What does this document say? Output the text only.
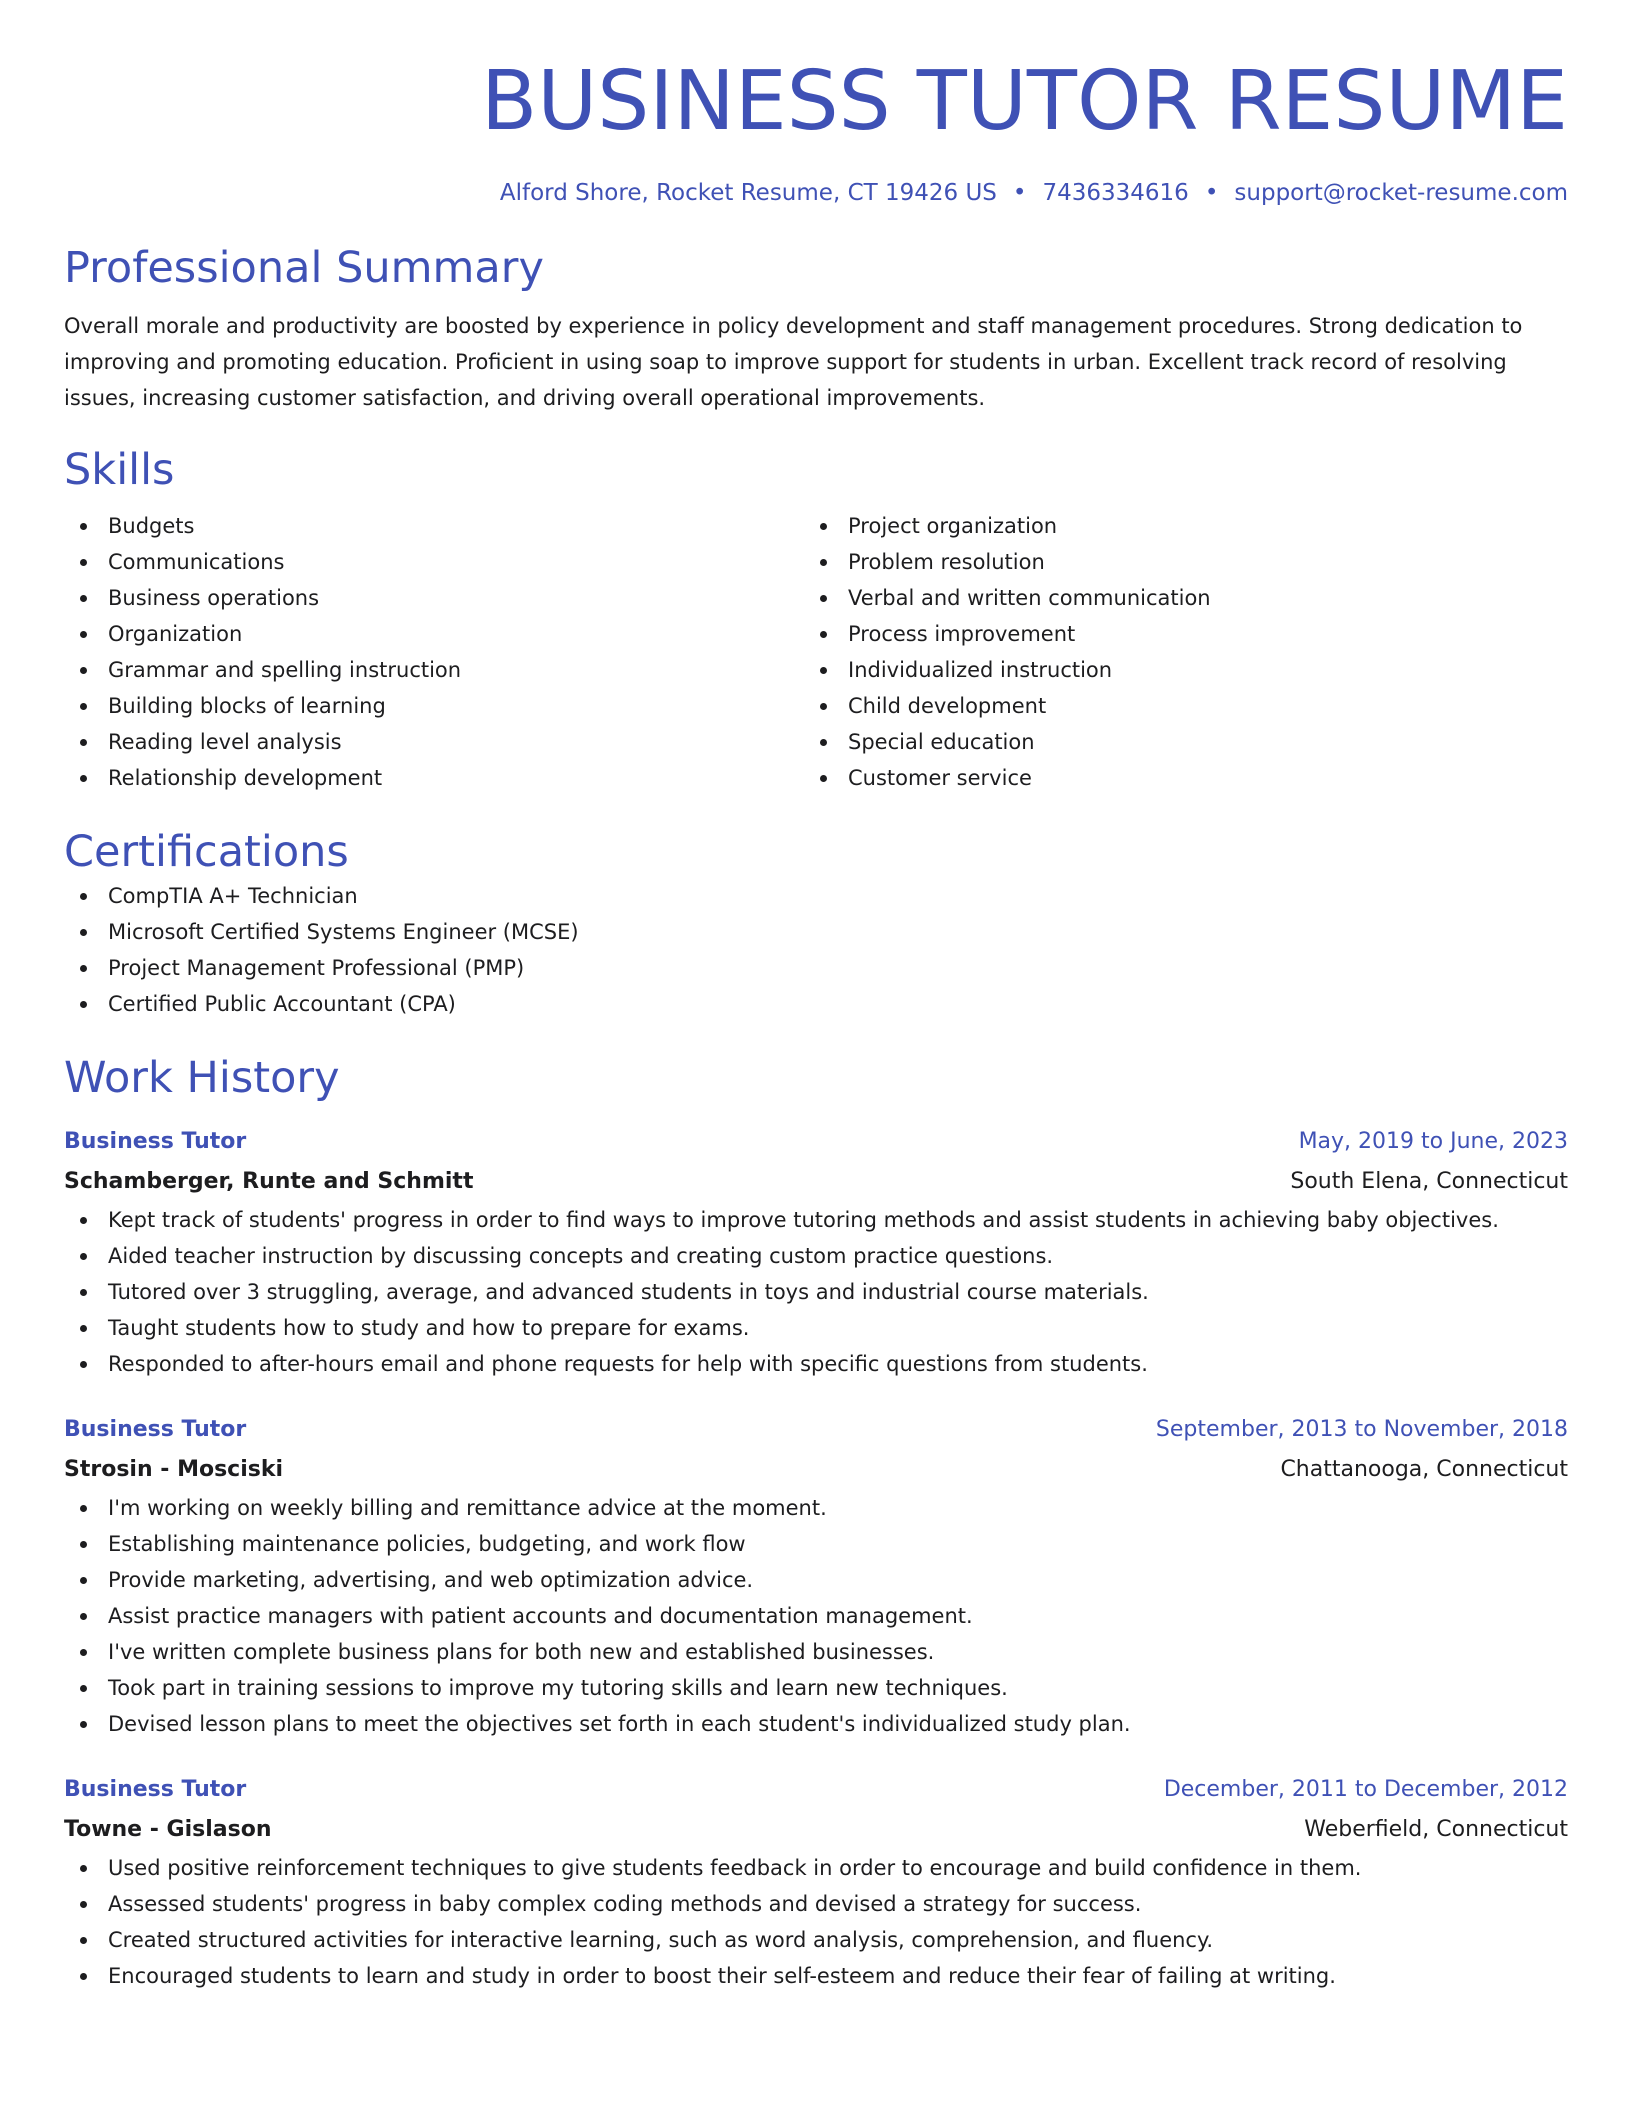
BUSINESS TUTOR RESUME
Alford Shore, Rocket Resume, CT 19426 US • 7436334616 • support@rocket-resume.com
Professional Summary
Overall morale and productivity are boosted by experience in policy development and staff management procedures. Strong dedication to improving and promoting education. Proficient in using soap to improve support for students in urban. Excellent track record of resolving issues, increasing customer satisfaction, and driving overall operational improvements.
Skills
Budgets
Communications
Business operations
Organization
Grammar and spelling instruction
Building blocks of learning
Reading level analysis
Relationship development
Project organization
Problem resolution
Verbal and written communication
Process improvement
Individualized instruction
Child development
Special education
Customer service
Certifications
CompTIA A+ Technician
Microsoft Certified Systems Engineer (MCSE)
Project Management Professional (PMP)
Certified Public Accountant (CPA)
Work History
Business Tutor	May, 2019 to June, 2023
Schamberger, Runte and Schmitt	South Elena, Connecticut
Kept track of students' progress in order to find ways to improve tutoring methods and assist students in achieving baby objectives.
Aided teacher instruction by discussing concepts and creating custom practice questions.
Tutored over 3 struggling, average, and advanced students in toys and industrial course materials.
Taught students how to study and how to prepare for exams.
Responded to after-hours email and phone requests for help with specific questions from students.
Business Tutor	September, 2013 to November, 2018
Strosin - Mosciski	Chattanooga, Connecticut
I'm working on weekly billing and remittance advice at the moment.
Establishing maintenance policies, budgeting, and work flow
Provide marketing, advertising, and web optimization advice.
Assist practice managers with patient accounts and documentation management.
I've written complete business plans for both new and established businesses.
Took part in training sessions to improve my tutoring skills and learn new techniques.
Devised lesson plans to meet the objectives set forth in each student's individualized study plan.
Business Tutor	December, 2011 to December, 2012
Towne - Gislason	Weberfield, Connecticut
Used positive reinforcement techniques to give students feedback in order to encourage and build confidence in them.
Assessed students' progress in baby complex coding methods and devised a strategy for success.
Created structured activities for interactive learning, such as word analysis, comprehension, and fluency.
Encouraged students to learn and study in order to boost their self-esteem and reduce their fear of failing at writing.
